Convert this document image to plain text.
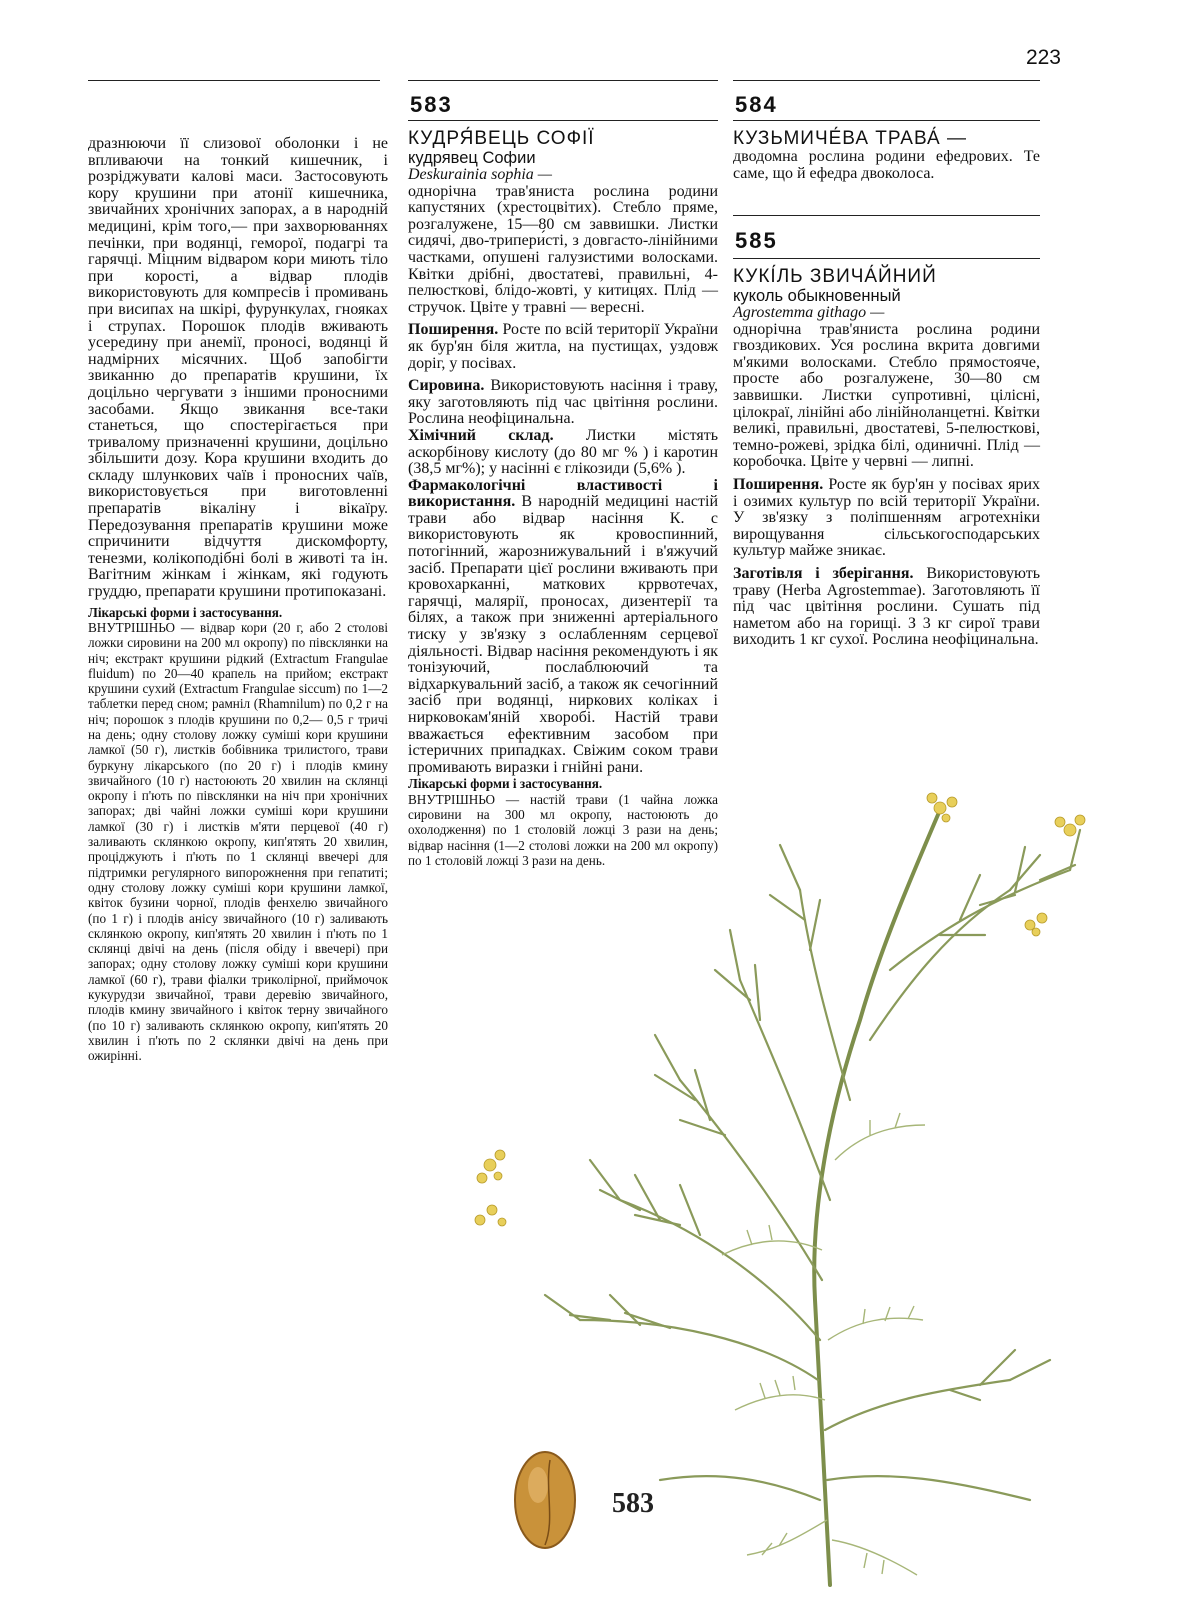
223

дразнюючи її слизової оболонки і не впливаючи на тонкий кишечник, і розріджувати калові маси. Застосовують кору крушини при атонії кишечника, звичайних хронічних запорах, а в народній медицині, крім того,— при захворюваннях печінки, при водянці, геморої, подагрі та гарячці. Міцним відваром кори миють тіло при корості, а відвар плодів використовують для компресів і промивань при висипах на шкірі, фурункулах, гнояках і струпах. Порошок плодів вживають усередину при анемії, проносі, водянці й надмірних місячних. Щоб запобігти звиканню до препаратів крушини, їх доцільно чергувати з іншими проносними засобами. Якщо звикання все-таки станеться, що спостерігається при тривалому призначенні крушини, доцільно збільшити дозу. Кора крушини входить до складу шлункових чаїв і проносних чаїв, використовується при виготовленні препаратів вікаліну і вікаїру. Передозування препаратів крушини може спричинити відчуття дискомфорту, тенезми, колікоподібні болі в животі та ін. Вагітним жінкам і жінкам, які годують груддю, препарати крушини протипоказані.

Лікарські форми і застосування.

ВНУТРІШНЬО — відвар кори (20 г, або 2 столові ложки сировини на 200 мл окропу) по півсклянки на ніч; екстракт крушини рідкий (Extractum Frangulae fluidum) по 20—40 крапель на прийом; екстракт крушини сухий (Extractum Frangulae siccum) по 1—2 таблетки перед сном; рамніл (Rhamnilum) по 0,2 г на ніч; порошок з плодів крушини по 0,2— 0,5 г тричі на день; одну столову ложку суміші кори крушини ламкої (50 г), листків бобівника трилистого, трави буркуну лікарського (по 20 г) і плодів кмину звичайного (10 г) настоюють 20 хвилин на склянці окропу і п'ють по півсклянки на ніч при хронічних запорах; дві чайні ложки суміші кори крушини ламкої (30 г) і листків м'яти перцевої (40 г) заливають склянкою окропу, кип'ятять 20 хвилин, проціджують і п'ють по 1 склянці ввечері для підтримки регулярного випорожнення при гепатиті; одну столову ложку суміші кори крушини ламкої, квіток бузини чорної, плодів фенхелю звичайного (по 1 г) і плодів анісу звичайного (10 г) заливають склянкою окропу, кип'ятять 20 хвилин і п'ють по 1 склянці двічі на день (після обіду і ввечері) при запорах; одну столову ложку суміші кори крушини ламкої (60 г), трави фіалки триколірної, приймочок кукурудзи звичайної, трави деревію звичайного, плодів кмину звичайного і квіток терну звичайного (по 10 г) заливають склянкою окропу, кип'ятять 20 хвилин і п'ють по 2 склянки двічі на день при ожирінні.

583

КУДРЯ́ВЕЦЬ СОФІЇ

кудрявец Софии

Deskurainia sophia —

однорічна трав'яниста рослина родини капустяних (хрестоцвітих). Стебло пряме, розгалужене, 15—80 см заввишки. Листки сидячі, дво-трипери́сті, з довгасто-лінійними частками, опушені галузистими волосками. Квітки дрібні, двостатеві, правильні, 4-пелюсткові, блідо-жовті, у китицях. Плід — стручок. Цвіте у травні — вересні.

Поширення. Росте по всій території України як бур'ян біля житла, на пустищах, уздовж доріг, у посівах.

Сировина. Використовують насіння і траву, яку заготовляють під час цвітіння рослини. Рослина неофіцинальна.

Хімічний склад. Листки містять аскорбінову кислоту (до 80 мг % ) і каротин (38,5 мг%); у насінні є глікозиди (5,6% ).

Фармакологічні властивості і використання. В народній медицині настій трави або відвар насіння К. с використовують як кровоспинний, потогінний, жарознижувальний і в'яжучий засіб. Препарати цієї рослини вживають при кровохарканні, маткових кррвотечах, гарячці, малярії, проносах, дизентерії та білях, а також при зниженні артеріального тиску у зв'язку з ослабленням серцевої діяльності. Відвар насіння рекомендують і як тонізуючий, послаблюючий та відхаркувальний засіб, а також як сечогінний засіб при водянці, ниркових коліках і нирковокам'яній хворобі. Настій трави вважається ефективним засобом при істеричних припадках. Свіжим соком трави промивають виразки і гнійні рани.

Лікарські форми і застосування.

ВНУТРІШНЬО — настій трави (1 чайна ложка сировини на 300 мл окропу, настоюють до охолодження) по 1 столовій ложці 3 рази на день; відвар насіння (1—2 столові ложки на 200 мл окропу) по 1 столовій ложці 3 рази на день.

584

КУЗЬМИЧЕ́ВА ТРАВА́ —

дводомна рослина родини ефедрових. Те саме, що й ефедра двоколоса.

585

КУКІ́ЛЬ ЗВИЧА́ЙНИЙ

куколь обыкновенный

Agrostemma githago —

однорічна трав'яниста рослина родини гвоздикових. Уся рослина вкрита довгими м'якими волосками. Стебло прямостояче, просте або розгалужене, 30—80 см заввишки. Листки супротивні, цілісні, цілокраї, лінійні або лінійноланцетні. Квітки великі, правильні, двостатеві, 5-пелюсткові, темно-рожеві, зрідка білі, одиничні. Плід — коробочка. Цвіте у червні — липні.

Поширення. Росте як бур'ян у посівах ярих і озимих культур по всій території України. У зв'язку з поліпшенням агротехніки вирощування сільськогосподарських культур майже зникає.

Заготівля і зберігання. Використовують траву (Herba Agrostemmae). Заготовляють її під час цвітіння рослини. Сушать під наметом або на горищі. З 3 кг сирої трави виходить 1 кг сухої. Рослина неофіцинальна.

583
